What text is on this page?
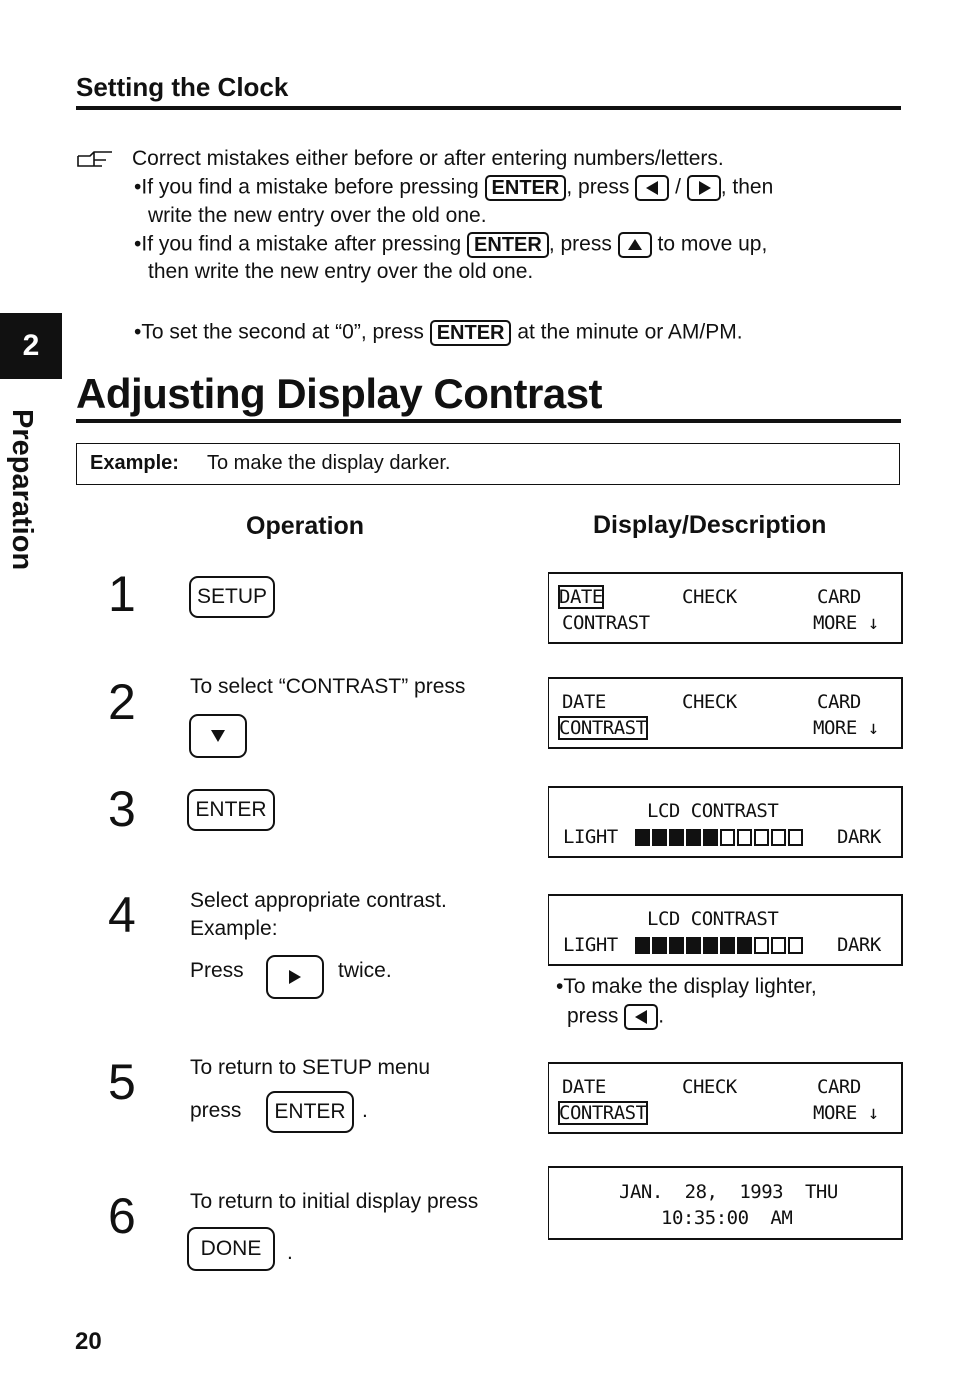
Setting the Clock
Correct mistakes either before or after entering numbers/letters.
•If you find a mistake before pressing ENTER , press / , then
write the new entry over the old one.
•If you find a mistake after pressing ENTER , press to move up,
then write the new entry over the old one.
•To set the second at “0”, press ENTER at the minute or AM/PM.
2
Preparation
Adjusting Display Contrast
Example: To make the display darker.
Operation	Display/Description
1	SETUP	DATE	CHECK	CARD
CONTRAST	MORE ↓
2	To select “CONTRAST” press
DATE	CHECK	CARD
CONTRAST	MORE ↓
3	ENTER	LCD CONTRAST
LIGHT	DARK
4	Select appropriate contrast.
Example:
Press	twice.
LCD CONTRAST
LIGHT	DARK
•To make the display lighter,
press .
5	To return to SETUP menu
press	ENTER .
DATE	CHECK	CARD
CONTRAST	MORE ↓
6	To return to initial display press
DONE	.
JAN.  28,  1993  THU
10:35:00  AM
20
